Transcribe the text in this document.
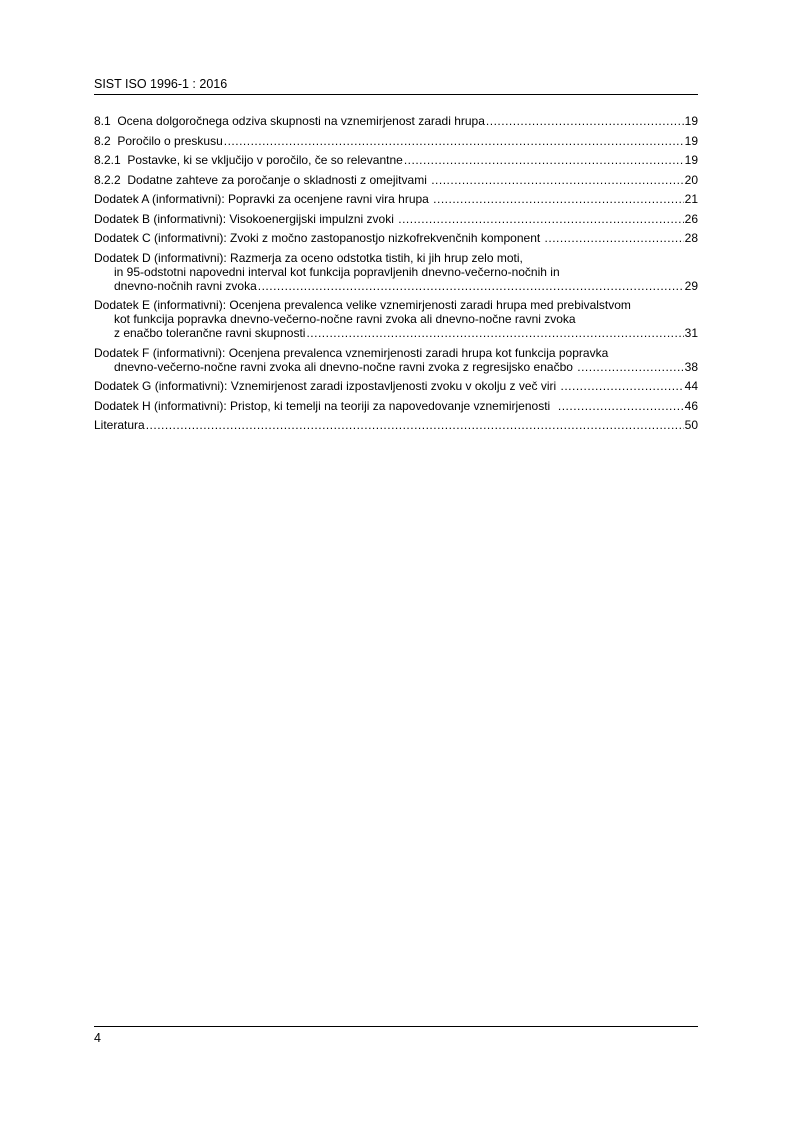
SIST ISO 1996-1 : 2016
8.1  Ocena dolgoročnega odziva skupnosti na vznemirjenost zaradi hrupa .....	19
8.2  Poročilo o preskusu .....	19
8.2.1  Postavke, ki se vključijo v poročilo, če so relevantne .....	19
8.2.2  Dodatne zahteve za poročanje o skladnosti z omejitvami .....	20
Dodatek A (informativni): Popravki za ocenjene ravni vira hrupa .....	21
Dodatek B (informativni): Visokoenergijski impulzni zvoki .....	26
Dodatek C (informativni): Zvoki z močno zastopanostjo nizkofrekvenčnih komponent .....	28
Dodatek D (informativni): Razmerja za oceno odstotka tistih, ki jih hrup zelo moti,
in 95-odstotni napovedni interval kot funkcija popravljenih dnevno-večerno-nočnih in
dnevno-nočnih ravni zvoka .....	29
Dodatek E (informativni): Ocenjena prevalenca velike vznemirjenosti zaradi hrupa med prebivalstvom
kot funkcija popravka dnevno-večerno-nočne ravni zvoka ali dnevno-nočne ravni zvoka
z enačbo tolerančne ravni skupnosti .....	31
Dodatek F (informativni): Ocenjena prevalenca vznemirjenosti zaradi hrupa kot funkcija popravka
dnevno-večerno-nočne ravni zvoka ali dnevno-nočne ravni zvoka z regresijsko enačbo .....	38
Dodatek G (informativni): Vznemirjenost zaradi izpostavljenosti zvoku v okolju z več viri .....	44
Dodatek H (informativni): Pristop, ki temelji na teoriji za napovedovanje vznemirjenosti .....	46
Literatura .....	50
4
